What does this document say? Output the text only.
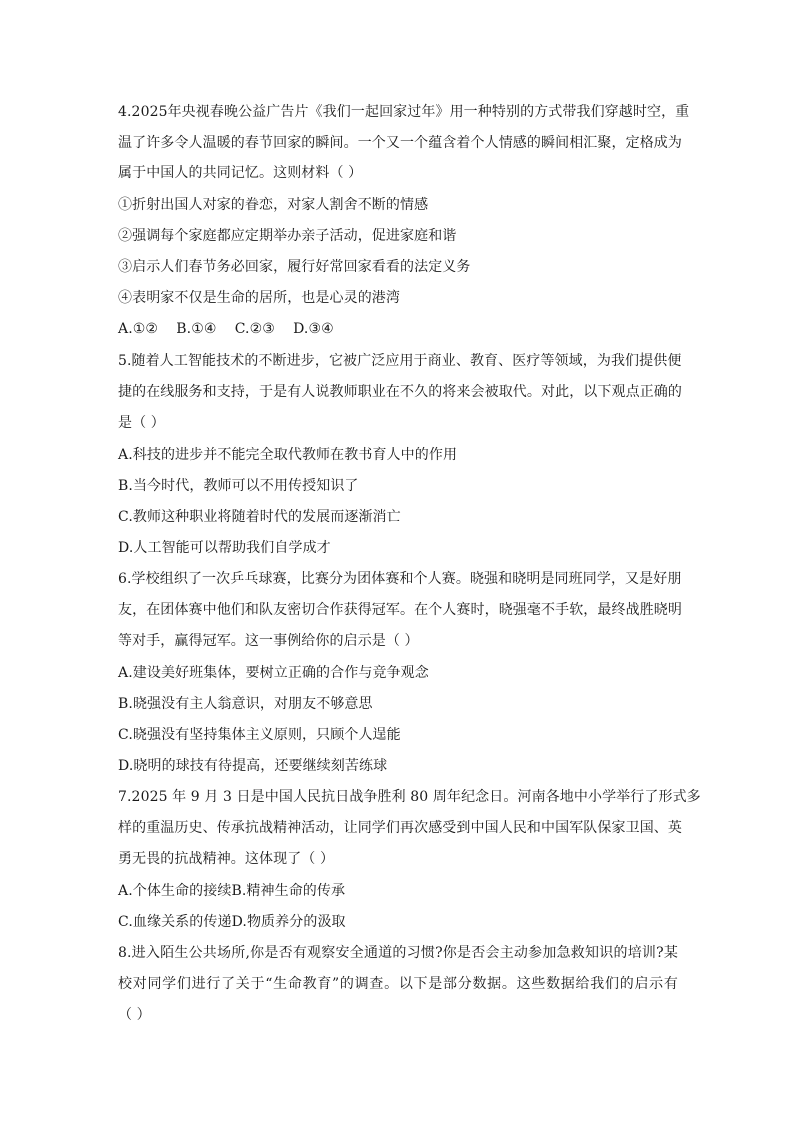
4.2025年央视春晚公益广告片《我们一起回家过年》用一种特别的方式带我们穿越时空，重
温了许多令人温暖的春节回家的瞬间。一个又一个蕴含着个人情感的瞬间相汇聚，定格成为
属于中国人的共同记忆。这则材料（ ）
①折射出国人对家的眷恋，对家人割舍不断的情感
②强调每个家庭都应定期举办亲子活动，促进家庭和谐
③启示人们春节务必回家，履行好常回家看看的法定义务
④表明家不仅是生命的居所，也是心灵的港湾
A.①②    B.①④    C.②③    D.③④
5.随着人工智能技术的不断进步，它被广泛应用于商业、教育、医疗等领域，为我们提供便
捷的在线服务和支持，于是有人说教师职业在不久的将来会被取代。对此，以下观点正确的
是（ ）
A.科技的进步并不能完全取代教师在教书育人中的作用
B.当今时代，教师可以不用传授知识了
C.教师这种职业将随着时代的发展而逐渐消亡
D.人工智能可以帮助我们自学成才
6.学校组织了一次乒乓球赛，比赛分为团体赛和个人赛。晓强和晓明是同班同学，又是好朋
友，在团体赛中他们和队友密切合作获得冠军。在个人赛时，晓强毫不手软，最终战胜晓明
等对手，赢得冠军。这一事例给你的启示是（ ）
A.建设美好班集体，要树立正确的合作与竞争观念
B.晓强没有主人翁意识，对朋友不够意思
C.晓强没有坚持集体主义原则，只顾个人逞能
D.晓明的球技有待提高，还要继续刻苦练球
7.2025 年 9 月 3 日是中国人民抗日战争胜利 80 周年纪念日。河南各地中小学举行了形式多
样的重温历史、传承抗战精神活动，让同学们再次感受到中国人民和中国军队保家卫国、英
勇无畏的抗战精神。这体现了（ ）
A.个体生命的接续B.精神生命的传承
C.血缘关系的传递D.物质养分的汲取
8.进入陌生公共场所,你是否有观察安全通道的习惯?你是否会主动参加急救知识的培训?某
校对同学们进行了关于“生命教育”的调查。以下是部分数据。这些数据给我们的启示有
（ ）
